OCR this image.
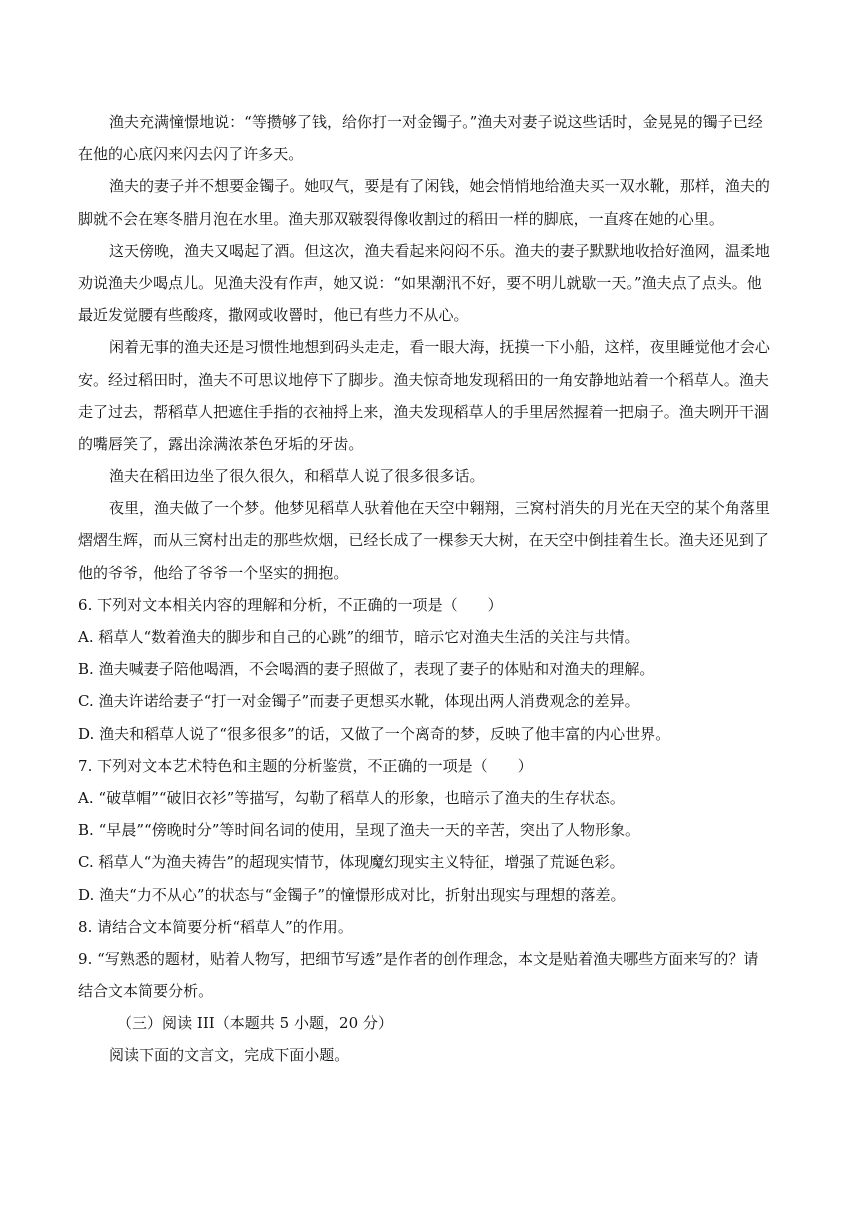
渔夫充满憧憬地说：“等攒够了钱，给你打一对金镯子。”渔夫对妻子说这些话时，金晃晃的镯子已经
在他的心底闪来闪去闪了许多天。
渔夫的妻子并不想要金镯子。她叹气，要是有了闲钱，她会悄悄地给渔夫买一双水靴，那样，渔夫的
脚就不会在寒冬腊月泡在水里。渔夫那双皲裂得像收割过的稻田一样的脚底，一直疼在她的心里。
这天傍晚，渔夫又喝起了酒。但这次，渔夫看起来闷闷不乐。渔夫的妻子默默地收拾好渔网，温柔地
劝说渔夫少喝点儿。见渔夫没有作声，她又说：“如果潮汛不好，要不明儿就歇一天。”渔夫点了点头。他
最近发觉腰有些酸疼，撒网或收罾时，他已有些力不从心。
闲着无事的渔夫还是习惯性地想到码头走走，看一眼大海，抚摸一下小船，这样，夜里睡觉他才会心
安。经过稻田时，渔夫不可思议地停下了脚步。渔夫惊奇地发现稻田的一角安静地站着一个稻草人。渔夫
走了过去，帮稻草人把遮住手指的衣袖捋上来，渔夫发现稻草人的手里居然握着一把扇子。渔夫咧开干涸
的嘴唇笑了，露出涂满浓茶色牙垢的牙齿。
渔夫在稻田边坐了很久很久，和稻草人说了很多很多话。
夜里，渔夫做了一个梦。他梦见稻草人驮着他在天空中翱翔，三窝村消失的月光在天空的某个角落里
熠熠生辉，而从三窝村出走的那些炊烟，已经长成了一棵参天大树，在天空中倒挂着生长。渔夫还见到了
他的爷爷，他给了爷爷一个坚实的拥抱。
6. 下列对文本相关内容的理解和分析，不正确的一项是（　　）
A. 稻草人“数着渔夫的脚步和自己的心跳”的细节，暗示它对渔夫生活的关注与共情。
B. 渔夫喊妻子陪他喝酒，不会喝酒的妻子照做了，表现了妻子的体贴和对渔夫的理解。
C. 渔夫许诺给妻子“打一对金镯子”而妻子更想买水靴，体现出两人消费观念的差异。
D. 渔夫和稻草人说了“很多很多”的话，又做了一个离奇的梦，反映了他丰富的内心世界。
7. 下列对文本艺术特色和主题的分析鉴赏，不正确的一项是（　　）
A. “破草帽”“破旧衣衫”等描写，勾勒了稻草人的形象，也暗示了渔夫的生存状态。
B. “早晨”“傍晚时分”等时间名词的使用，呈现了渔夫一天的辛苦，突出了人物形象。
C. 稻草人“为渔夫祷告”的超现实情节，体现魔幻现实主义特征，增强了荒诞色彩。
D. 渔夫“力不从心”的状态与“金镯子”的憧憬形成对比，折射出现实与理想的落差。
8. 请结合文本简要分析“稻草人”的作用。
9. “写熟悉的题材，贴着人物写，把细节写透”是作者的创作理念，本文是贴着渔夫哪些方面来写的？请
结合文本简要分析。
（三）阅读 III（本题共 5 小题，20 分）
阅读下面的文言文，完成下面小题。
